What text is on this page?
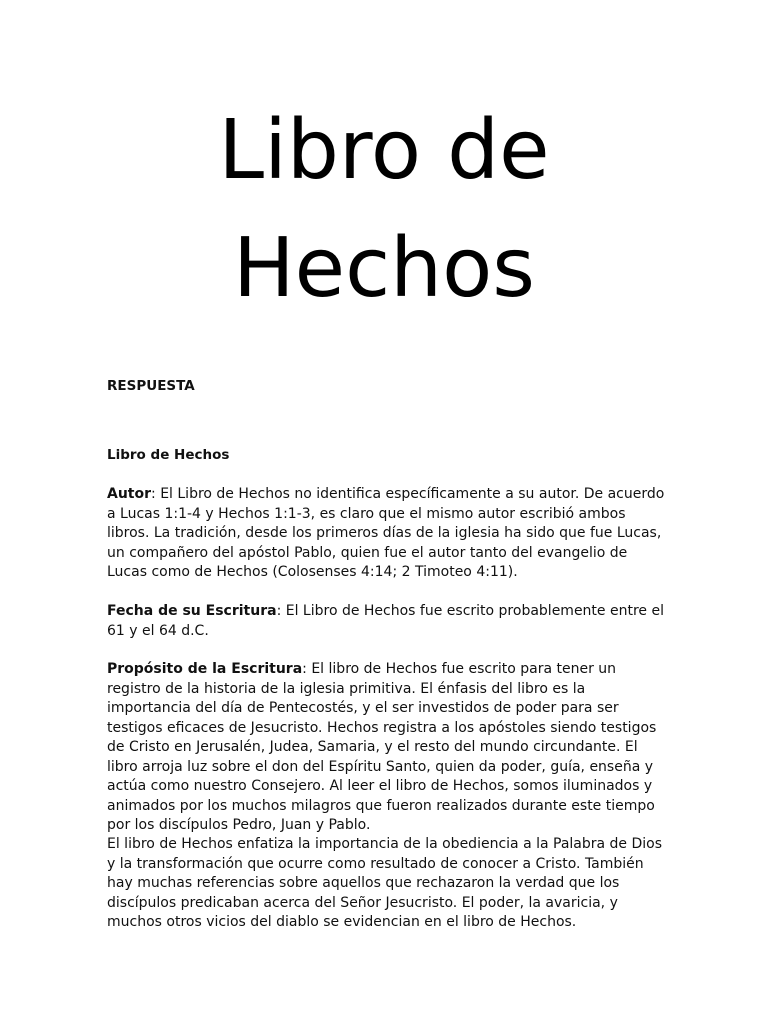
Libro de
Hechos
RESPUESTA
Libro de Hechos

Autor: El Libro de Hechos no identifica específicamente a su autor. De acuerdo a Lucas 1:1-4 y Hechos 1:1-3, es claro que el mismo autor escribió ambos libros. La tradición, desde los primeros días de la iglesia ha sido que fue Lucas, un compañero del apóstol Pablo, quien fue el autor tanto del evangelio de Lucas como de Hechos (Colosenses 4:14; 2 Timoteo 4:11).

Fecha de su Escritura: El Libro de Hechos fue escrito probablemente entre el 61 y el 64 d.C.

Propósito de la Escritura: El libro de Hechos fue escrito para tener un registro de la historia de la iglesia primitiva. El énfasis del libro es la importancia del día de Pentecostés, y el ser investidos de poder para ser testigos eficaces de Jesucristo. Hechos registra a los apóstoles siendo testigos de Cristo en Jerusalén, Judea, Samaria, y el resto del mundo circundante. El libro arroja luz sobre el don del Espíritu Santo, quien da poder, guía, enseña y actúa como nuestro Consejero. Al leer el libro de Hechos, somos iluminados y animados por los muchos milagros que fueron realizados durante este tiempo por los discípulos Pedro, Juan y Pablo.

El libro de Hechos enfatiza la importancia de la obediencia a la Palabra de Dios y la transformación que ocurre como resultado de conocer a Cristo. También hay muchas referencias sobre aquellos que rechazaron la verdad que los discípulos predicaban acerca del Señor Jesucristo. El poder, la avaricia, y muchos otros vicios del diablo se evidencian en el libro de Hechos.
